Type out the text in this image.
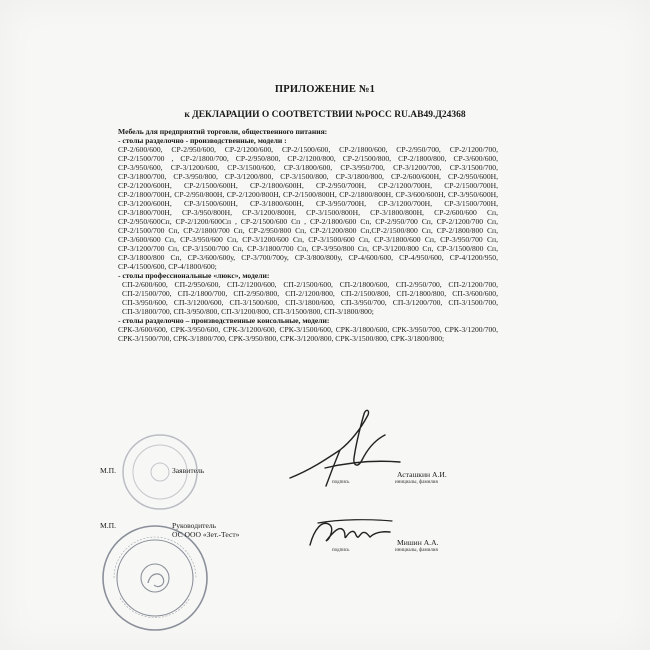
ПРИЛОЖЕНИЕ №1
к ДЕКЛАРАЦИИ О СООТВЕТСТВИИ №РОСС RU.АВ49.Д24368

Мебель для предприятий торговли, общественного питания:

- столы разделочно - производственные, модели :

СР-2/600/600, СР-2/950/600, СР-2/1200/600, СР-2/1500/600, СР-2/1800/600, СР-2/950/700, СР-2/1200/700, СР-2/1500/700 , СР-2/1800/700, СР-2/950/800, СР-2/1200/800, СР-2/1500/800, СР-2/1800/800, СР-3/600/600, СР-3/950/600, СР-3/1200/600, СР-3/1500/600, СР-3/1800/600, СР-3/950/700, СР-3/1200/700, СР-3/1500/700, СР-3/1800/700, СР-3/950/800, СР-3/1200/800, СР-3/1500/800, СР-3/1800/800, СР-2/600/600Н, СР-2/950/600Н, СР-2/1200/600Н, СР-2/1500/600Н, СР-2/1800/600Н, СР-2/950/700Н, СР-2/1200/700Н, СР-2/1500/700Н, СР-2/1800/700Н, СР-2/950/800Н, СР-2/1200/800Н, СР-2/1500/800Н, СР-2/1800/800Н, СР-3/600/600Н, СР-3/950/600Н, СР-3/1200/600Н, СР-3/1500/600Н, СР-3/1800/600Н, СР-3/950/700Н, СР-3/1200/700Н, СР-3/1500/700Н, СР-3/1800/700Н, СР-3/950/800Н, СР-3/1200/800Н, СР-3/1500/800Н, СР-3/1800/800Н, СР-2/600/600 Сп, СР-2/950/600Сп, СР-2/1200/600Сп , СР-2/1500/600 Сп , СР-2/1800/600 Сп, СР-2/950/700 Сп, СР-2/1200/700 Сп, СР-2/1500/700 Сп, СР-2/1800/700 Сп, СР-2/950/800 Сп, СР-2/1200/800 Сп,СР-2/1500/800 Сп, СР-2/1800/800 Сп, СР-3/600/600 Сп, СР-3/950/600 Сп, СР-3/1200/600 Сп, СР-3/1500/600 Сп, СР-3/1800/600 Сп, СР-3/950/700 Сп, СР-3/1200/700 Сп, СР-3/1500/700 Сп, СР-3/1800/700 Сп, СР-3/950/800 Сп, СР-3/1200/800 Сп, СР-3/1500/800 Сп, СР-3/1800/800 Сп, СР-3/600/600у, СР-3/700/700у, СР-3/800/800у, СР-4/600/600, СР-4/950/600, СР-4/1200/950, СР-4/1500/600, СР-4/1800/600;

- столы профессиональные «люкс», модели:

СП-2/600/600, СП-2/950/600, СП-2/1200/600, СП-2/1500/600, СП-2/1800/600, СП-2/950/700, СП-2/1200/700, СП-2/1500/700, СП-2/1800/700, СП-2/950/800, СП-2/1200/800, СП-2/1500/800, СП-2/1800/800, СП-3/600/600, СП-3/950/600, СП-3/1200/600, СП-3/1500/600, СП-3/1800/600, СП-3/950/700, СП-3/1200/700, СП-3/1500/700, СП-3/1800/700, СП-3/950/800, СП-3/1200/800, СП-3/1500/800, СП-3/1800/800;

- столы разделочно – производственные консольные, модели:

СРК-3/600/600, СРК-3/950/600, СРК-3/1200/600, СРК-3/1500/600, СРК-3/1800/600, СРК-3/950/700, СРК-3/1200/700, СРК-3/1500/700, СРК-3/1800/700, СРК-3/950/800, СРК-3/1200/800, СРК-3/1500/800, СРК-3/1800/800;

М.П.	Заявитель
подпись
Асташкин А.И.
инициалы, фамилия
М.П.	Руководитель
ОС ООО «Зет.-Тест»
подпись
Мишин А.А.
инициалы, фамилия
